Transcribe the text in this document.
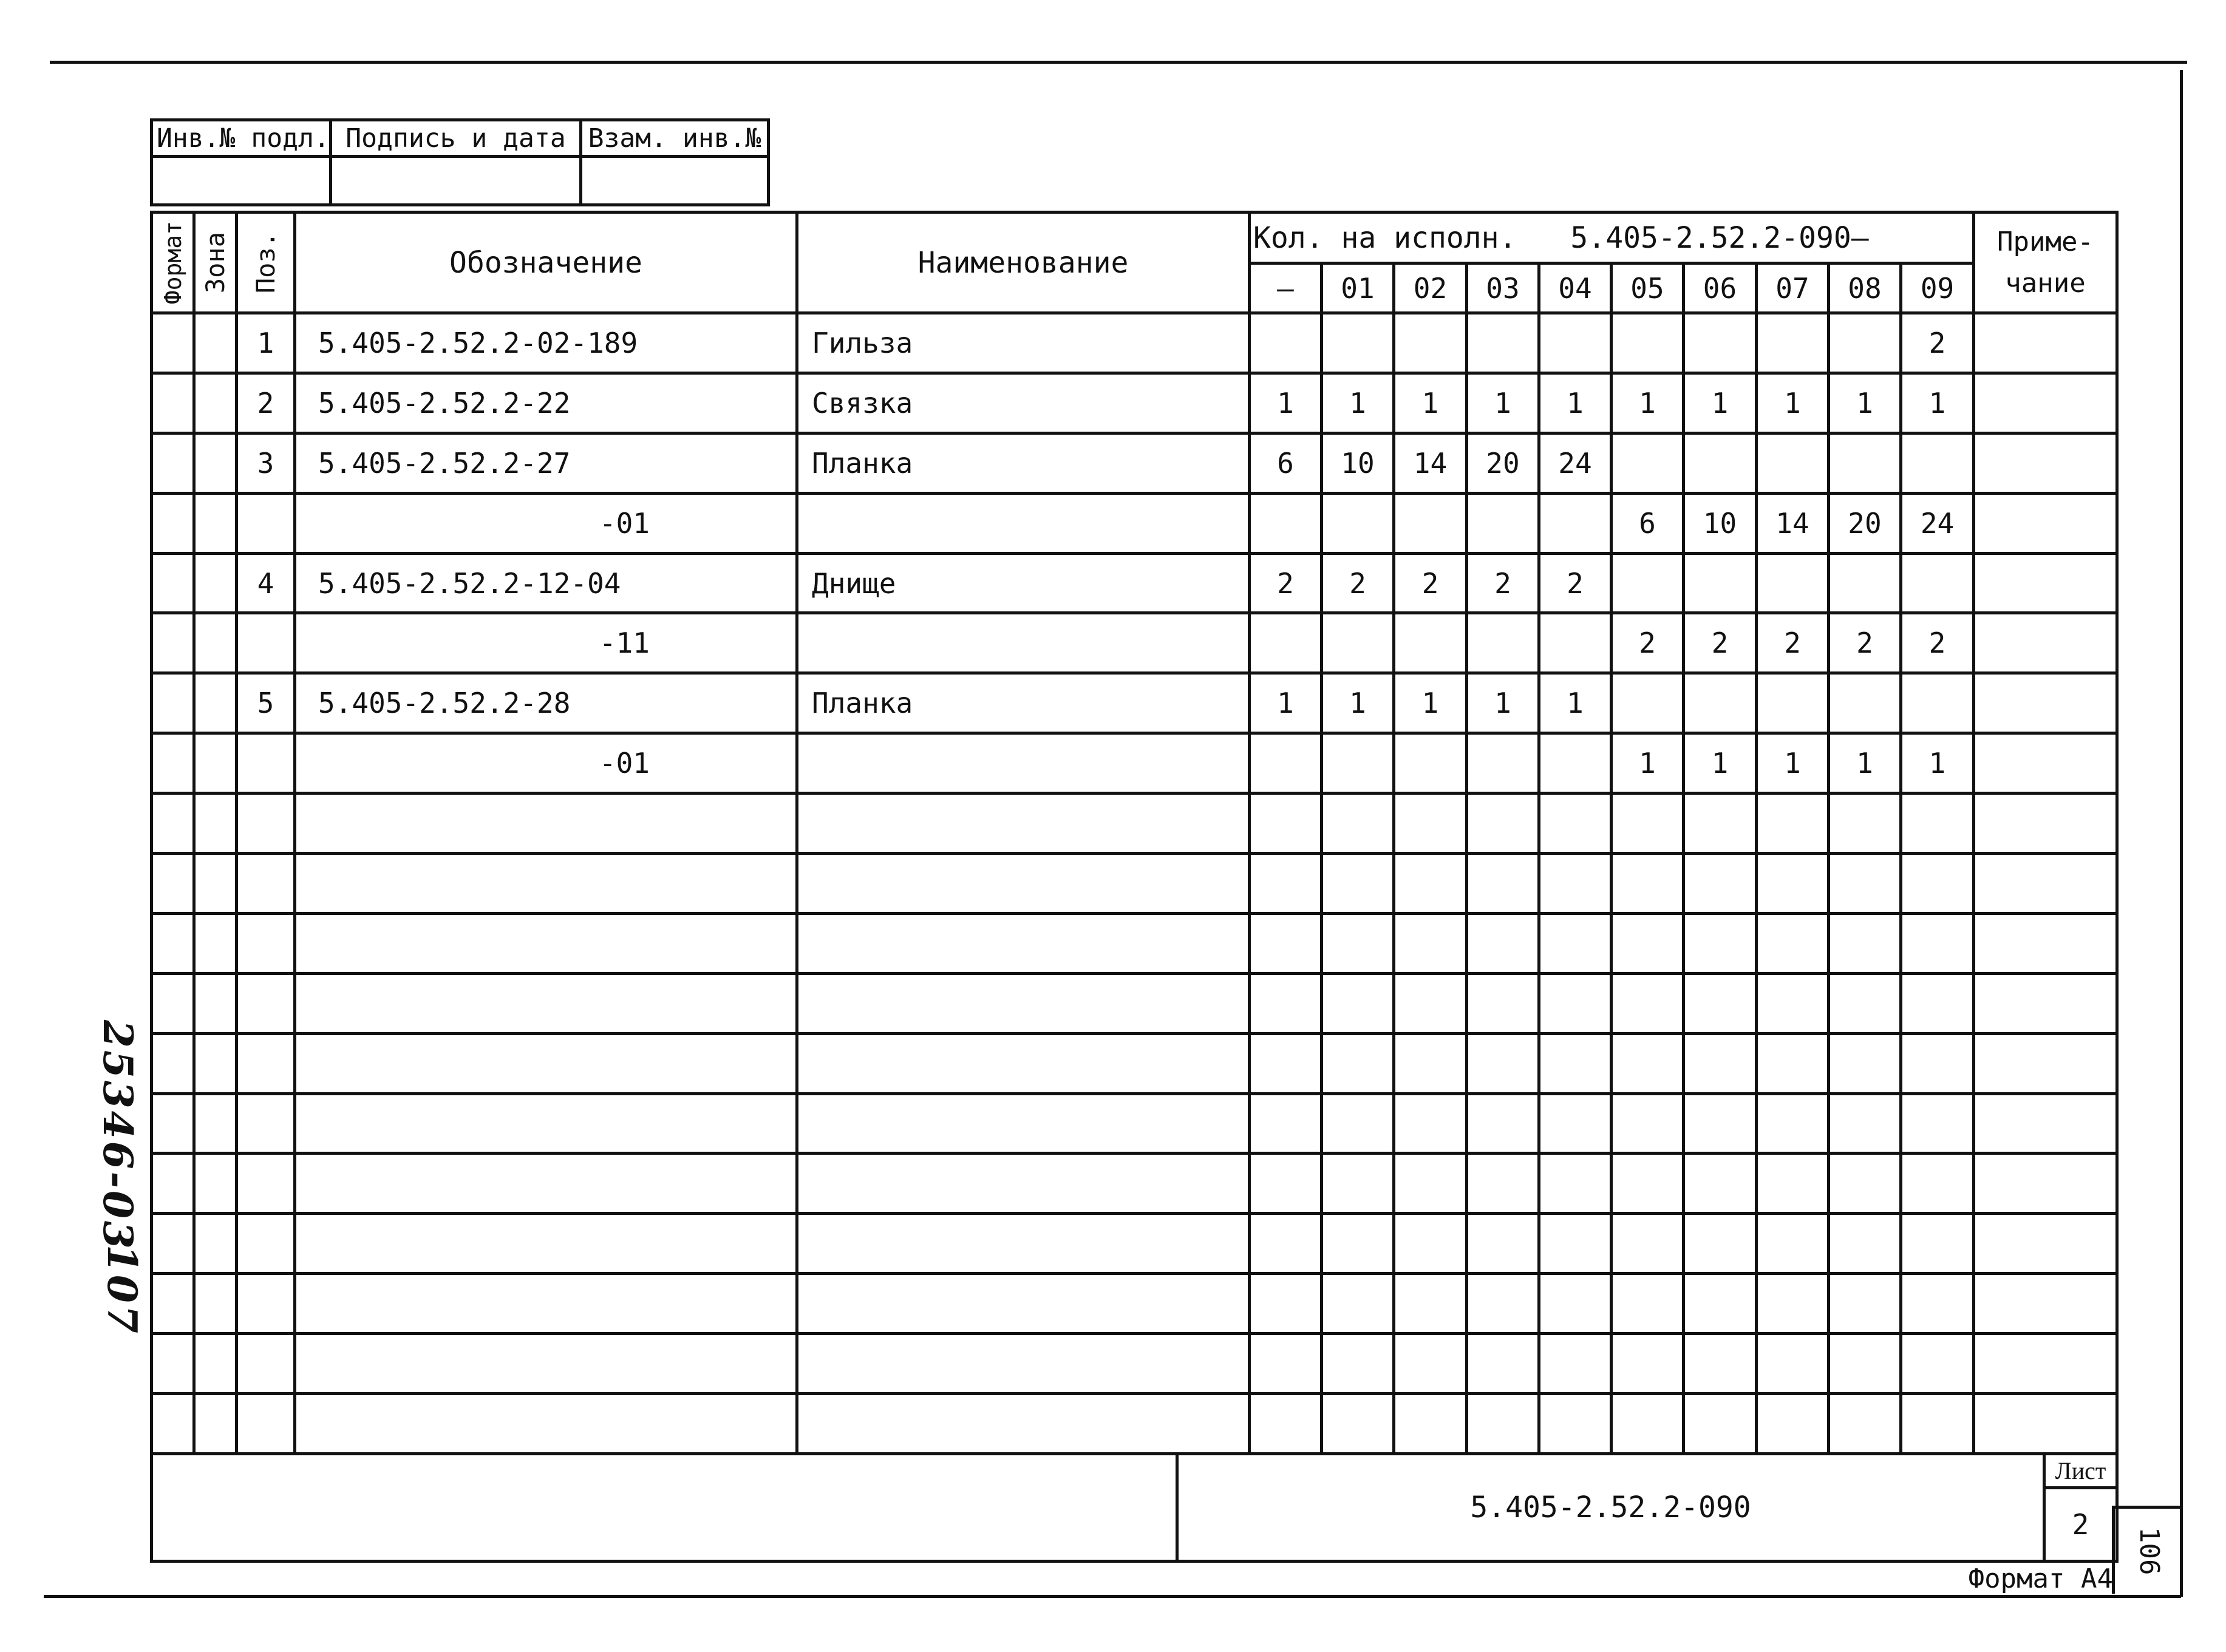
Инв.№ подл.	Подпись и дата	Взам. инв.№

Формат	Зона	Поз.	Обозначение	Наименование	Кол. на исполн. 5.405-2.52.2-090—										Приме-
чание

					–	01	02	03	04	05	06	07	08	09	
		1	5.405-2.52.2-02-189	Гильза										2	
		2	5.405-2.52.2-22	Связка	1	1	1	1	1	1	1	1	1	1	
		3	5.405-2.52.2-27	Планка	6	10	14	20	24						
			-01							6	10	14	20	24	
		4	5.405-2.52.2-12-04	Днище	2	2	2	2	2						
			-11							2	2	2	2	2	
		5	5.405-2.52.2-28	Планка	1	1	1	1	1						
			-01							1	1	1	1	1	

	5.405-2.52.2-090	Лист
2
Формат А4
106
25346-03
107
